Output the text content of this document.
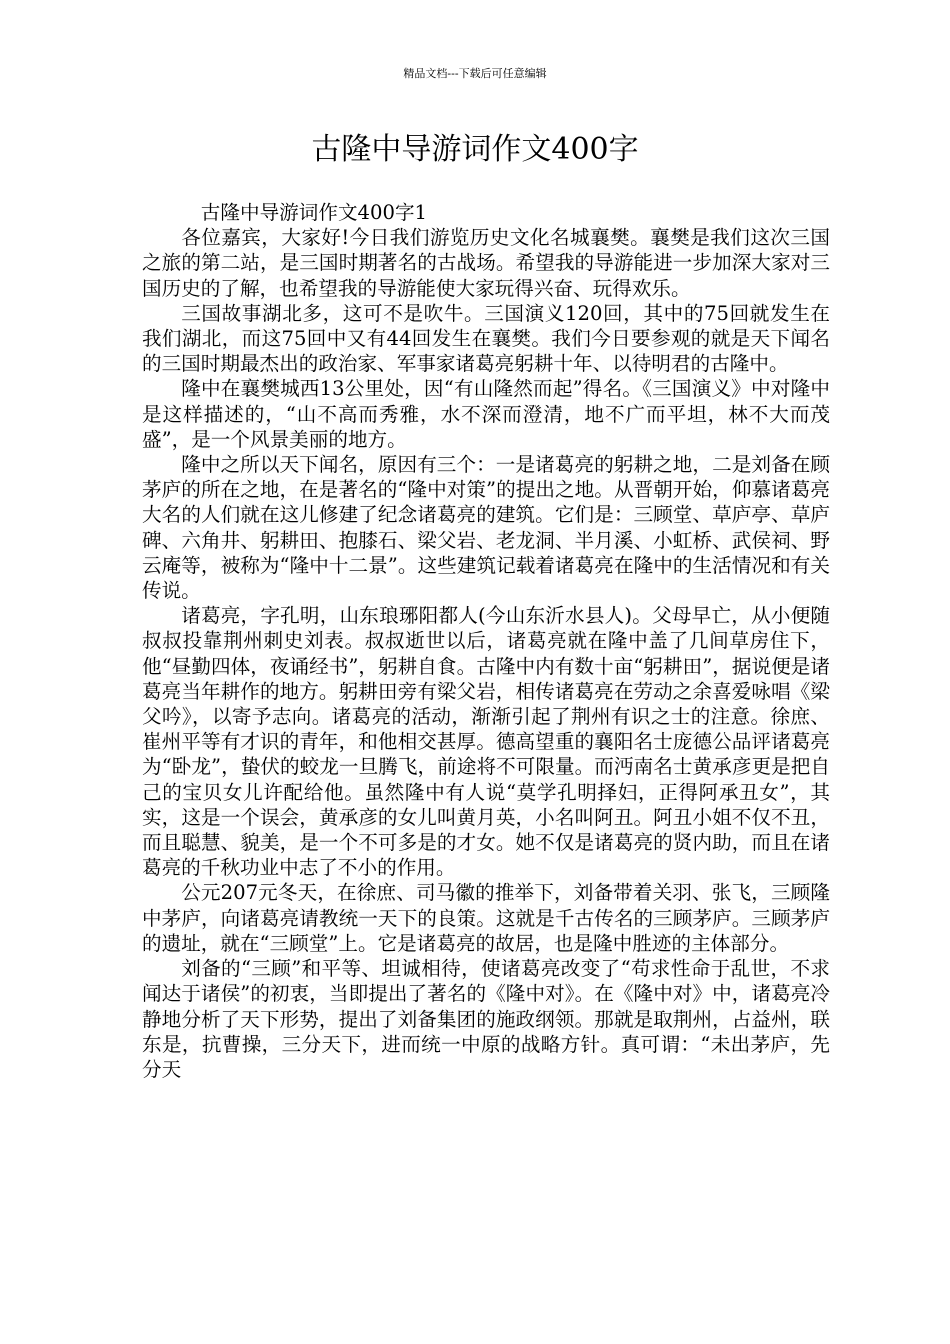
精品文档---下载后可任意编辑
古隆中导游词作文400字

古隆中导游词作文400字1

各位嘉宾，大家好!今日我们游览历史文化名城襄樊。襄樊是我们这次三国之旅的第二站，是三国时期著名的古战场。希望我的导游能进一步加深大家对三国历史的了解，也希望我的导游能使大家玩得兴奋、玩得欢乐。

三国故事湖北多，这可不是吹牛。三国演义120回，其中的75回就发生在我们湖北，而这75回中又有44回发生在襄樊。我们今日要参观的就是天下闻名的三国时期最杰出的政治家、军事家诸葛亮躬耕十年、以待明君的古隆中。

隆中在襄樊城西13公里处，因“有山隆然而起”得名。《三国演义》中对隆中是这样描述的，“山不高而秀雅，水不深而澄清，地不广而平坦，林不大而茂盛”，是一个风景美丽的地方。

隆中之所以天下闻名，原因有三个：一是诸葛亮的躬耕之地，二是刘备在顾茅庐的所在之地，在是著名的“隆中对策”的提出之地。从晋朝开始，仰慕诸葛亮大名的人们就在这儿修建了纪念诸葛亮的建筑。它们是：三顾堂、草庐亭、草庐碑、六角井、躬耕田、抱膝石、梁父岩、老龙洞、半月溪、小虹桥、武侯祠、野云庵等，被称为“隆中十二景”。这些建筑记载着诸葛亮在隆中的生活情况和有关传说。

诸葛亮，字孔明，山东琅琊阳都人(今山东沂水县人)。父母早亡，从小便随叔叔投靠荆州刺史刘表。叔叔逝世以后，诸葛亮就在隆中盖了几间草房住下，他“昼勤四体，夜诵经书”，躬耕自食。古隆中内有数十亩“躬耕田”，据说便是诸葛亮当年耕作的地方。躬耕田旁有梁父岩，相传诸葛亮在劳动之余喜爱咏唱《梁父吟》，以寄予志向。诸葛亮的活动，渐渐引起了荆州有识之士的注意。徐庶、崔州平等有才识的青年，和他相交甚厚。德高望重的襄阳名士庞德公品评诸葛亮为“卧龙”，蛰伏的蛟龙一旦腾飞，前途将不可限量。而沔南名士黄承彦更是把自己的宝贝女儿许配给他。虽然隆中有人说“莫学孔明择妇，正得阿承丑女”，其实，这是一个误会，黄承彦的女儿叫黄月英，小名叫阿丑。阿丑小姐不仅不丑，而且聪慧、貌美，是一个不可多是的才女。她不仅是诸葛亮的贤内助，而且在诸葛亮的千秋功业中志了不小的作用。

公元207元冬天，在徐庶、司马徽的推举下，刘备带着关羽、张飞，三顾隆中茅庐，向诸葛亮请教统一天下的良策。这就是千古传名的三顾茅庐。三顾茅庐的遗址，就在“三顾堂”上。它是诸葛亮的故居，也是隆中胜迹的主体部分。

刘备的“三顾”和平等、坦诚相待，使诸葛亮改变了“苟求性命于乱世，不求闻达于诸侯”的初衷，当即提出了著名的《隆中对》。在《隆中对》中，诸葛亮冷静地分析了天下形势，提出了刘备集团的施政纲领。那就是取荆州，占益州，联东是，抗曹操，三分天下，进而统一中原的战略方针。真可谓：“未出茅庐，先分天
